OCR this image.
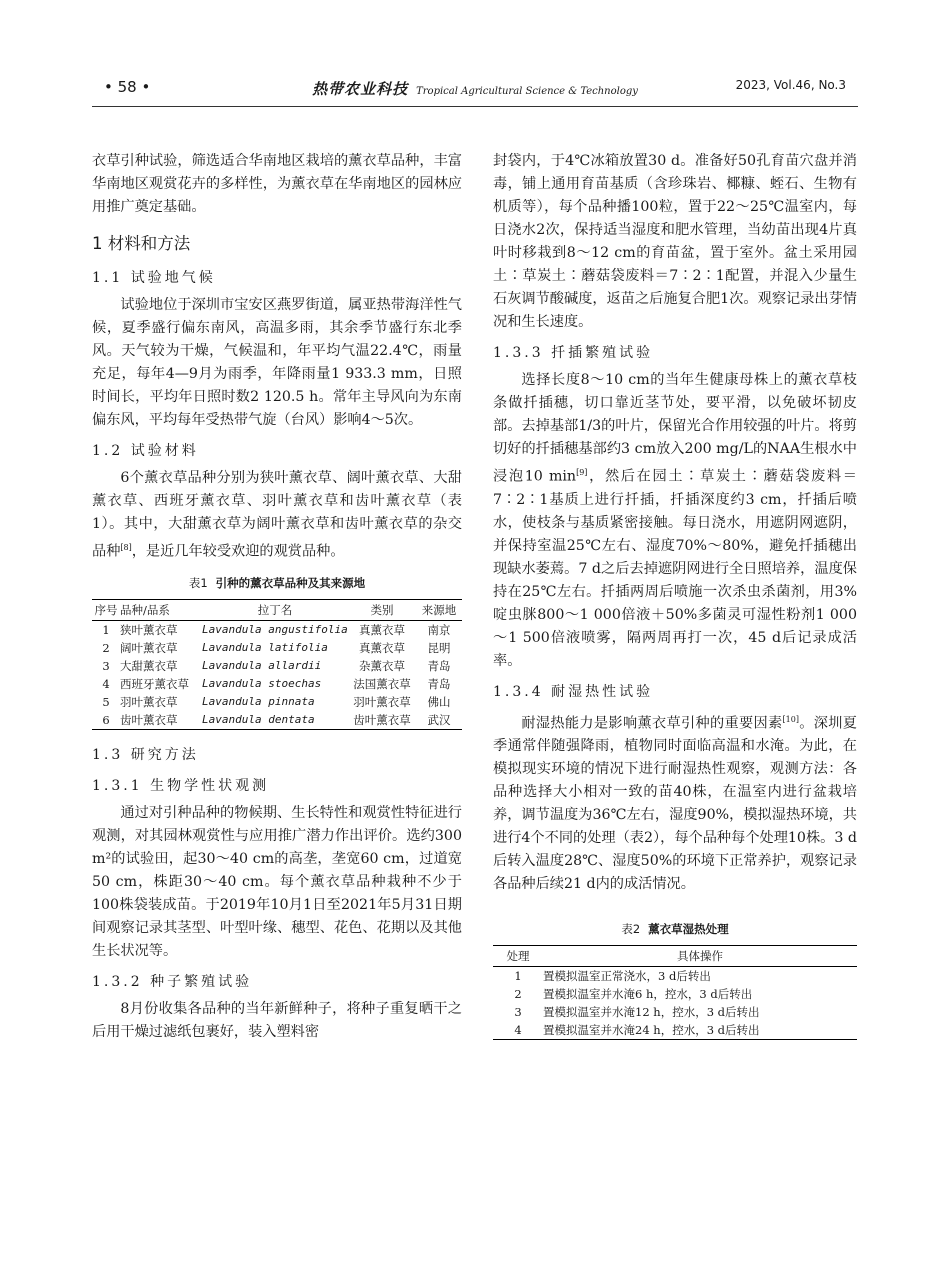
• 58 •	热带农业科技 Tropical Agricultural Science & Technology	2023, Vol.46, No.3

衣草引种试验，筛选适合华南地区栽培的薰衣草品种，丰富华南地区观赏花卉的多样性，为薰衣草在华南地区的园林应用推广奠定基础。

1 材料和方法
1.1 试验地气候

试验地位于深圳市宝安区燕罗街道，属亚热带海洋性气候，夏季盛行偏东南风，高温多雨，其余季节盛行东北季风。天气较为干燥，气候温和，年平均气温22.4℃，雨量充足，每年4—9月为雨季，年降雨量1 933.3 mm，日照时间长，平均年日照时数2 120.5 h。常年主导风向为东南偏东风，平均每年受热带气旋（台风）影响4～5次。

1.2 试验材料

6个薰衣草品种分别为狭叶薰衣草、阔叶薰衣草、大甜薰衣草、西班牙薰衣草、羽叶薰衣草和齿叶薰衣草（表1）。其中，大甜薰衣草为阔叶薰衣草和齿叶薰衣草的杂交品种[8]，是近几年较受欢迎的观赏品种。

表1 引种的薰衣草品种及其来源地
序号	品种/品系	拉丁名	类别	来源地
1	狭叶薰衣草	Lavandula angustifolia	真薰衣草	南京
2	阔叶薰衣草	Lavandula latifolia	真薰衣草	昆明
3	大甜薰衣草	Lavandula allardii	杂薰衣草	青岛
4	西班牙薰衣草	Lavandula stoechas	法国薰衣草	青岛
5	羽叶薰衣草	Lavandula pinnata	羽叶薰衣草	佛山
6	齿叶薰衣草	Lavandula dentata	齿叶薰衣草	武汉
1.3 研究方法
1.3.1 生物学性状观测

通过对引种品种的物候期、生长特性和观赏性特征进行观测，对其园林观赏性与应用推广潜力作出评价。选约300 m²的试验田，起30～40 cm的高垄，垄宽60 cm，过道宽50 cm，株距30～40 cm。每个薰衣草品种栽种不少于100株袋装成苗。于2019年10月1日至2021年5月31日期间观察记录其茎型、叶型叶缘、穗型、花色、花期以及其他生长状况等。

1.3.2 种子繁殖试验

8月份收集各品种的当年新鲜种子，将种子重复晒干之后用干燥过滤纸包裹好，装入塑料密

封袋内，于4℃冰箱放置30 d。准备好50孔育苗穴盘并消毒，铺上通用育苗基质（含珍珠岩、椰糠、蛭石、生物有机质等），每个品种播100粒，置于22～25℃温室内，每日浇水2次，保持适当湿度和肥水管理，当幼苗出现4片真叶时移栽到8～12 cm的育苗盆，置于室外。盆土采用园土∶草炭土∶蘑菇袋废料＝7∶2∶1配置，并混入少量生石灰调节酸碱度，返苗之后施复合肥1次。观察记录出芽情况和生长速度。

1.3.3 扦插繁殖试验

选择长度8～10 cm的当年生健康母株上的薰衣草枝条做扦插穗，切口靠近茎节处，要平滑，以免破坏韧皮部。去掉基部1/3的叶片，保留光合作用较强的叶片。将剪切好的扦插穗基部约3 cm放入200 mg/L的NAA生根水中浸泡10 min[9]，然后在园土∶草炭土∶蘑菇袋废料＝7∶2∶1基质上进行扦插，扦插深度约3 cm，扦插后喷水，使枝条与基质紧密接触。每日浇水，用遮阴网遮阴，并保持室温25℃左右、湿度70%～80%，避免扦插穗出现缺水萎蔫。7 d之后去掉遮阴网进行全日照培养，温度保持在25℃左右。扦插两周后喷施一次杀虫杀菌剂，用3%啶虫脒800～1 000倍液＋50%多菌灵可湿性粉剂1 000～1 500倍液喷雾，隔两周再打一次，45 d后记录成活率。

1.3.4 耐湿热性试验

耐湿热能力是影响薰衣草引种的重要因素[10]。深圳夏季通常伴随强降雨，植物同时面临高温和水淹。为此，在模拟现实环境的情况下进行耐湿热性观察，观测方法：各品种选择大小相对一致的苗40株，在温室内进行盆栽培养，调节温度为36℃左右，湿度90%，模拟湿热环境，共进行4个不同的处理（表2），每个品种每个处理10株。3 d后转入温度28℃、湿度50%的环境下正常养护，观察记录各品种后续21 d内的成活情况。

表2 薰衣草湿热处理
处理	具体操作
1	置模拟温室正常浇水，3 d后转出
2	置模拟温室并水淹6 h，控水，3 d后转出
3	置模拟温室并水淹12 h，控水，3 d后转出
4	置模拟温室并水淹24 h，控水，3 d后转出
